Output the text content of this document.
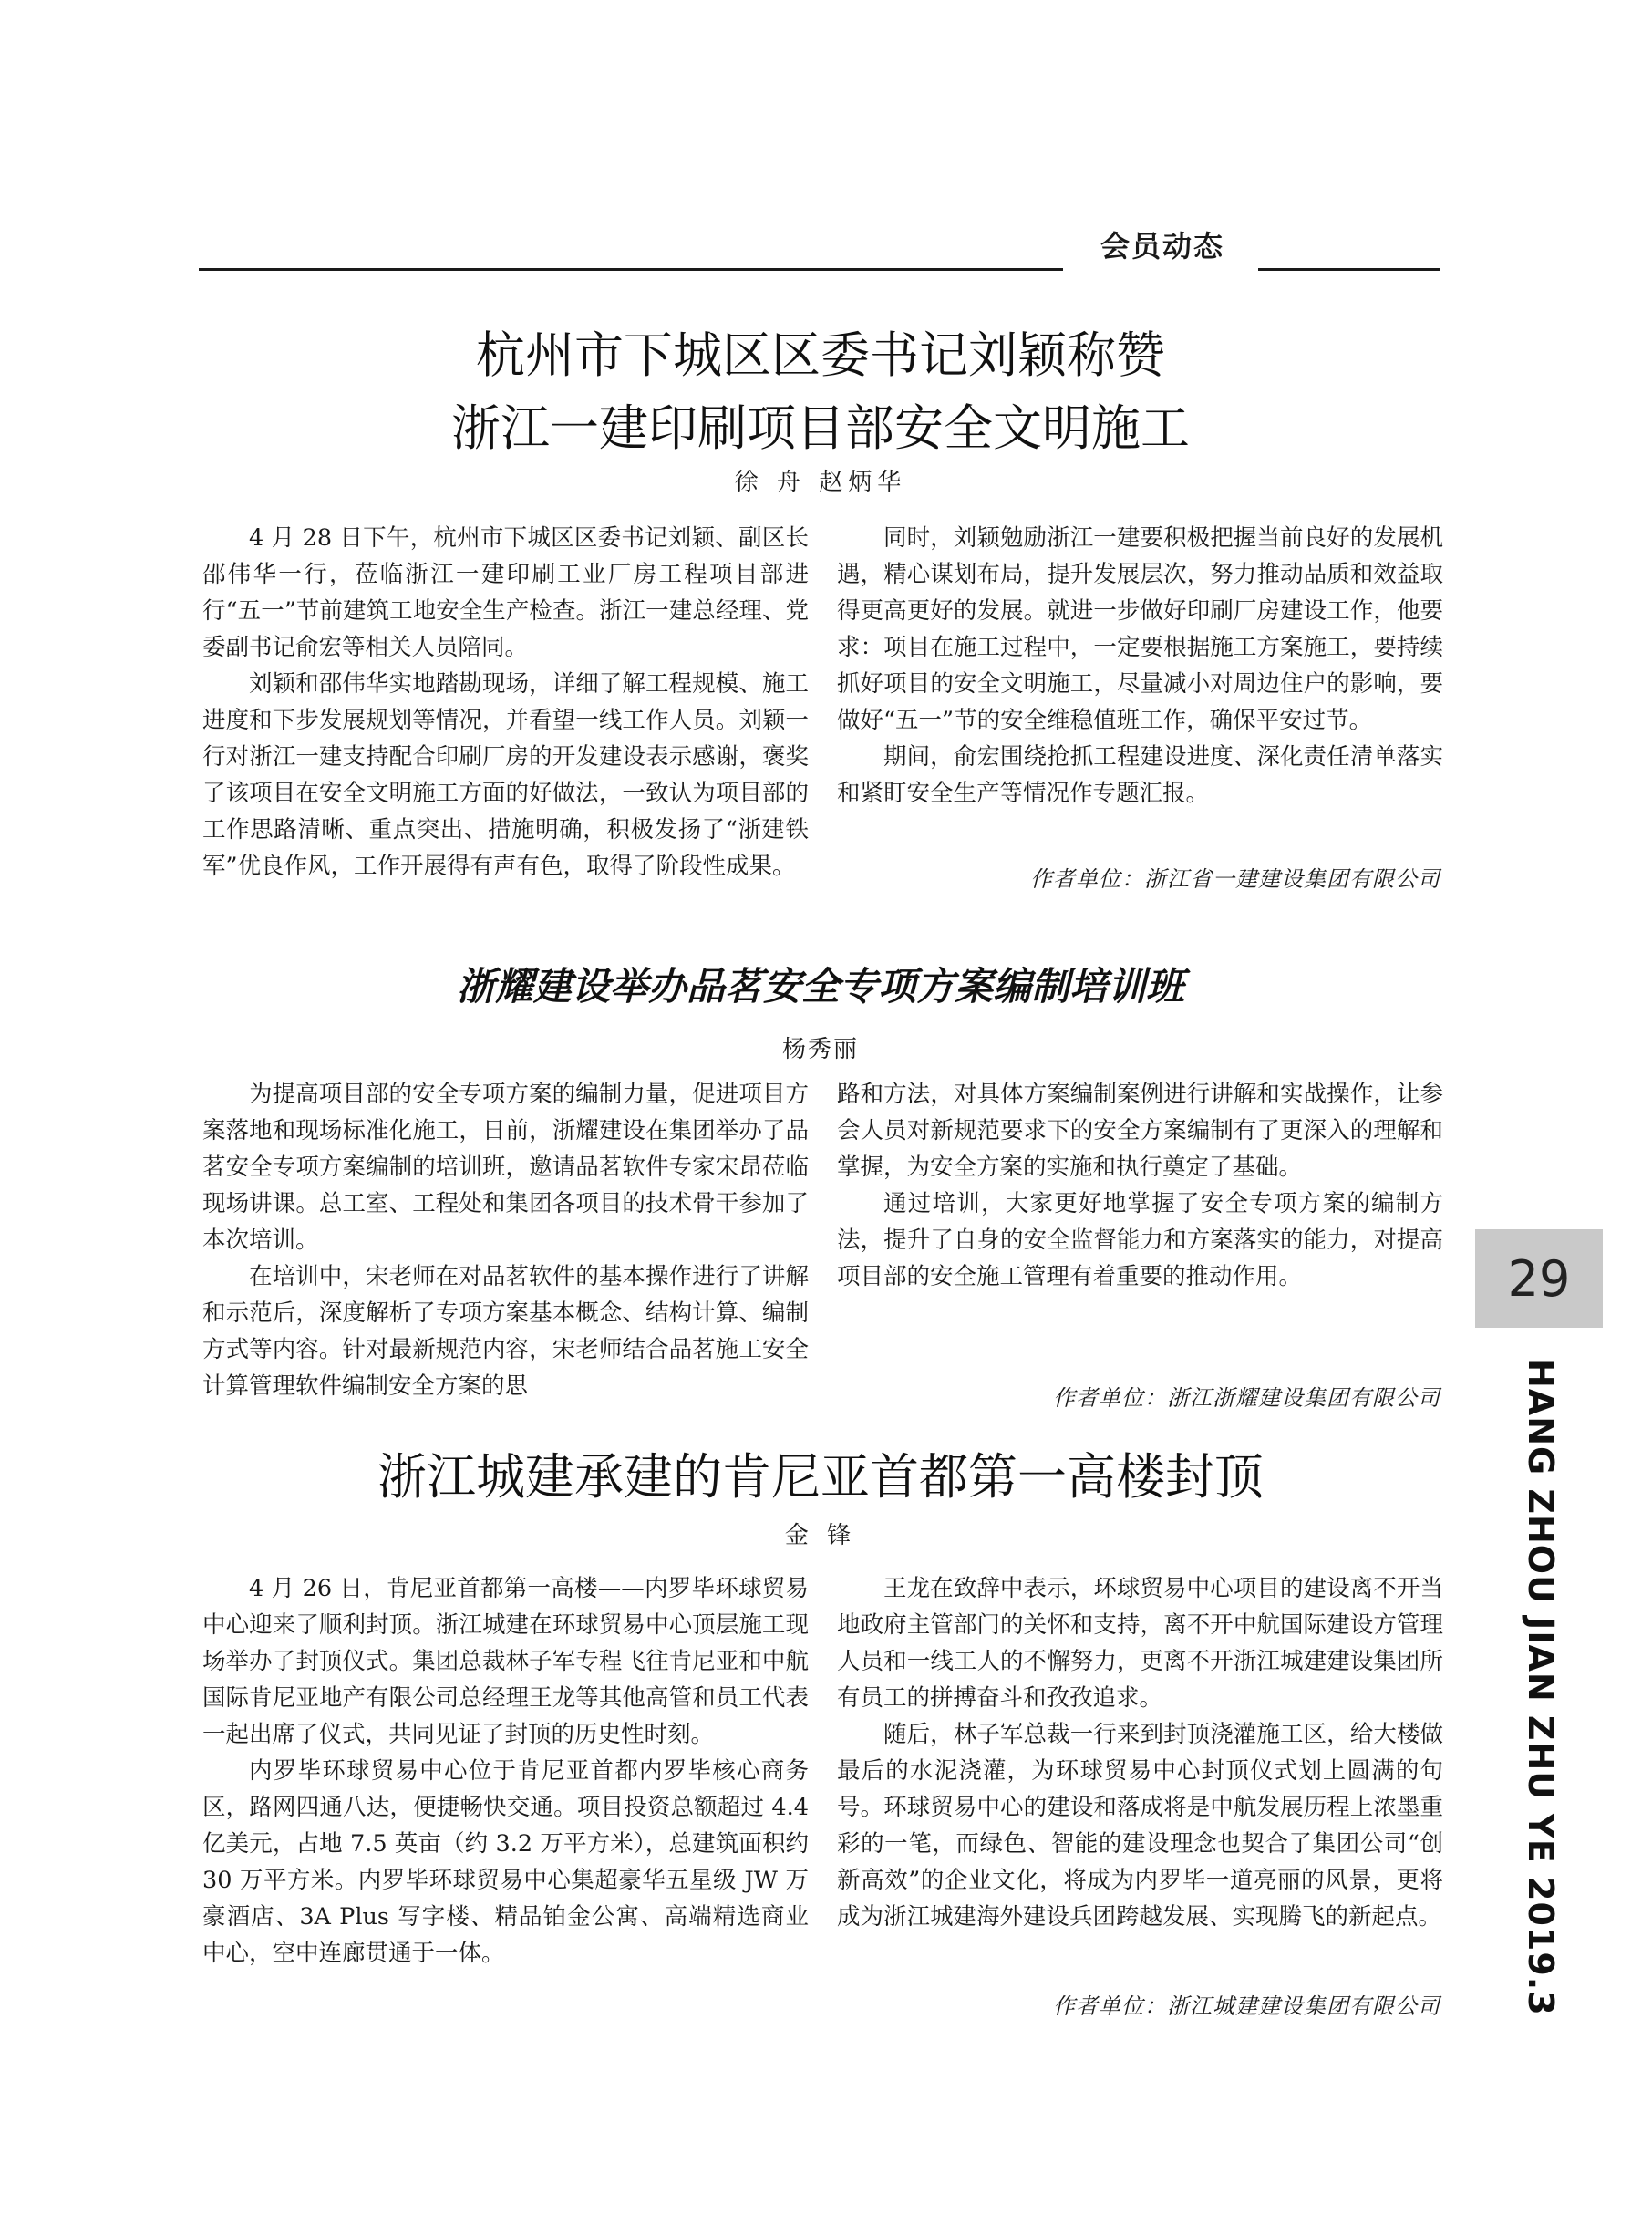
会员动态
杭州市下城区区委书记刘颖称赞
浙江一建印刷项目部安全文明施工
徐 舟 赵炳华

4 月 28 日下午，杭州市下城区区委书记刘颖、副区长邵伟华一行，莅临浙江一建印刷工业厂房工程项目部进行“五一”节前建筑工地安全生产检查。浙江一建总经理、党委副书记俞宏等相关人员陪同。

刘颖和邵伟华实地踏勘现场，详细了解工程规模、施工进度和下步发展规划等情况，并看望一线工作人员。刘颖一行对浙江一建支持配合印刷厂房的开发建设表示感谢，褒奖了该项目在安全文明施工方面的好做法，一致认为项目部的工作思路清晰、重点突出、措施明确，积极发扬了“浙建铁军”优良作风，工作开展得有声有色，取得了阶段性成果。

同时，刘颖勉励浙江一建要积极把握当前良好的发展机遇，精心谋划布局，提升发展层次，努力推动品质和效益取得更高更好的发展。就进一步做好印刷厂房建设工作，他要求：项目在施工过程中，一定要根据施工方案施工，要持续抓好项目的安全文明施工，尽量减小对周边住户的影响，要做好“五一”节的安全维稳值班工作，确保平安过节。

期间，俞宏围绕抢抓工程建设进度、深化责任清单落实和紧盯安全生产等情况作专题汇报。

作者单位：浙江省一建建设集团有限公司
浙耀建设举办品茗安全专项方案编制培训班
杨秀丽

为提高项目部的安全专项方案的编制力量，促进项目方案落地和现场标准化施工，日前，浙耀建设在集团举办了品茗安全专项方案编制的培训班，邀请品茗软件专家宋昂莅临现场讲课。总工室、工程处和集团各项目的技术骨干参加了本次培训。

在培训中，宋老师在对品茗软件的基本操作进行了讲解和示范后，深度解析了专项方案基本概念、结构计算、编制方式等内容。针对最新规范内容，宋老师结合品茗施工安全计算管理软件编制安全方案的思

路和方法，对具体方案编制案例进行讲解和实战操作，让参会人员对新规范要求下的安全方案编制有了更深入的理解和掌握，为安全方案的实施和执行奠定了基础。

通过培训，大家更好地掌握了安全专项方案的编制方法，提升了自身的安全监督能力和方案落实的能力，对提高项目部的安全施工管理有着重要的推动作用。

作者单位：浙江浙耀建设集团有限公司
浙江城建承建的肯尼亚首都第一高楼封顶
金 锋

4 月 26 日，肯尼亚首都第一高楼——内罗毕环球贸易中心迎来了顺利封顶。浙江城建在环球贸易中心顶层施工现场举办了封顶仪式。集团总裁林子军专程飞往肯尼亚和中航国际肯尼亚地产有限公司总经理王龙等其他高管和员工代表一起出席了仪式，共同见证了封顶的历史性时刻。

内罗毕环球贸易中心位于肯尼亚首都内罗毕核心商务区，路网四通八达，便捷畅快交通。项目投资总额超过 4.4 亿美元，占地 7.5 英亩（约 3.2 万平方米），总建筑面积约 30 万平方米。内罗毕环球贸易中心集超豪华五星级 JW 万豪酒店、3A Plus 写字楼、精品铂金公寓、高端精选商业中心，空中连廊贯通于一体。

王龙在致辞中表示，环球贸易中心项目的建设离不开当地政府主管部门的关怀和支持，离不开中航国际建设方管理人员和一线工人的不懈努力，更离不开浙江城建建设集团所有员工的拼搏奋斗和孜孜追求。

随后，林子军总裁一行来到封顶浇灌施工区，给大楼做最后的水泥浇灌，为环球贸易中心封顶仪式划上圆满的句号。环球贸易中心的建设和落成将是中航发展历程上浓墨重彩的一笔，而绿色、智能的建设理念也契合了集团公司“创新高效”的企业文化，将成为内罗毕一道亮丽的风景，更将成为浙江城建海外建设兵团跨越发展、实现腾飞的新起点。

作者单位：浙江城建建设集团有限公司
29
HANG ZHOU JIAN ZHU YE 2019.3
